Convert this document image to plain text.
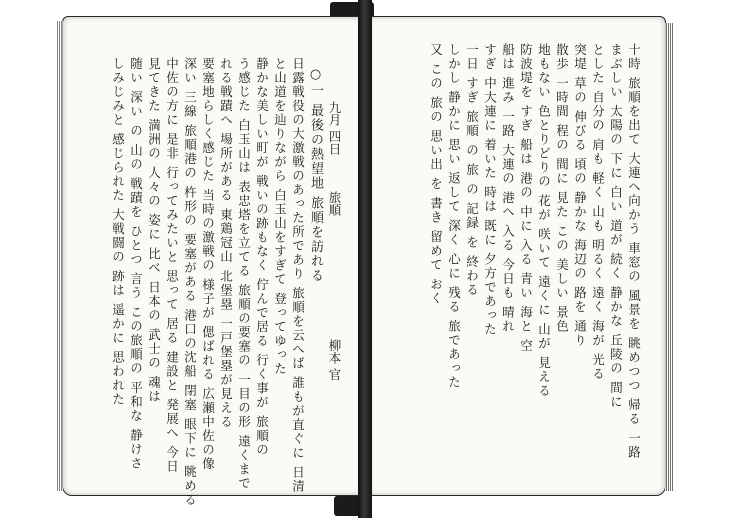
九月 四日
旅順
柳本 官
○一 最後の熱望地 旅順を訪れる
日露戦役の大激戦のあった所であり 旅順を云へば 誰もが直ぐに 日清
と山道を辿りながら 白玉山をすぎて 登ってゆった
静かな美しい町が 戦いの跡もなく 佇んで居る 行く事が 旅順の
う感じた 白玉山は 表忠塔を立てる 旅順の要塞の 一目の形 遠くまで
れる戦蹟へ 場所がある 東鶏冠山 北堡塁 一戸堡塁が見える
要塞地らしく感じた 当時の激戦の 様子が 偲ばれる 広瀬中佐の像
深い 三線 旅順港の 杵形の 要塞がある 港口の沈船 閉塞 眼下に 眺める
中佐の方に 是非 行ってみたいと 思って 居る 建設と 発展へ 今日
見てきた 満洲の 人々の 姿に 比べ 日本の 武士の 魂は
随い 深い の 山の 戦蹟を ひとつ 言う この旅順の 平和な 静けさ
しみじみと 感じられた 大戦闘の 跡は 遥かに 思われた	十時 旅順を出て 大連へ向かう 車窓の 風景を 眺めつつ 帰る 一路
まぶしい 太陽の 下に 白い 道が 続く 静かな 丘陵の 間に
とした 自分の 肩も 軽く 山も 明るく 遠く 海が 光る
突堤 草の 伸びる 頃の 静かな 海辺の 路を 通り
散歩 一時間 程の 間に 見た この 美しい 景色
地もない 色とりどりの 花が 咲いて 遠くに 山が 見える
防波堤を すぎ 船は 港の 中に 入る 青い 海と 空
船は 進み 一路 大連の 港へ 入る 今日も 晴れ
すぎ 中大連に 着いた 時は 既に 夕方であった
一日 すぎ 旅順 の 旅 の 記録 を 終わる
しかし 静かに 思い 返して 深く 心に 残る 旅であった
又 この 旅の 思い出 を 書き 留めて おく
